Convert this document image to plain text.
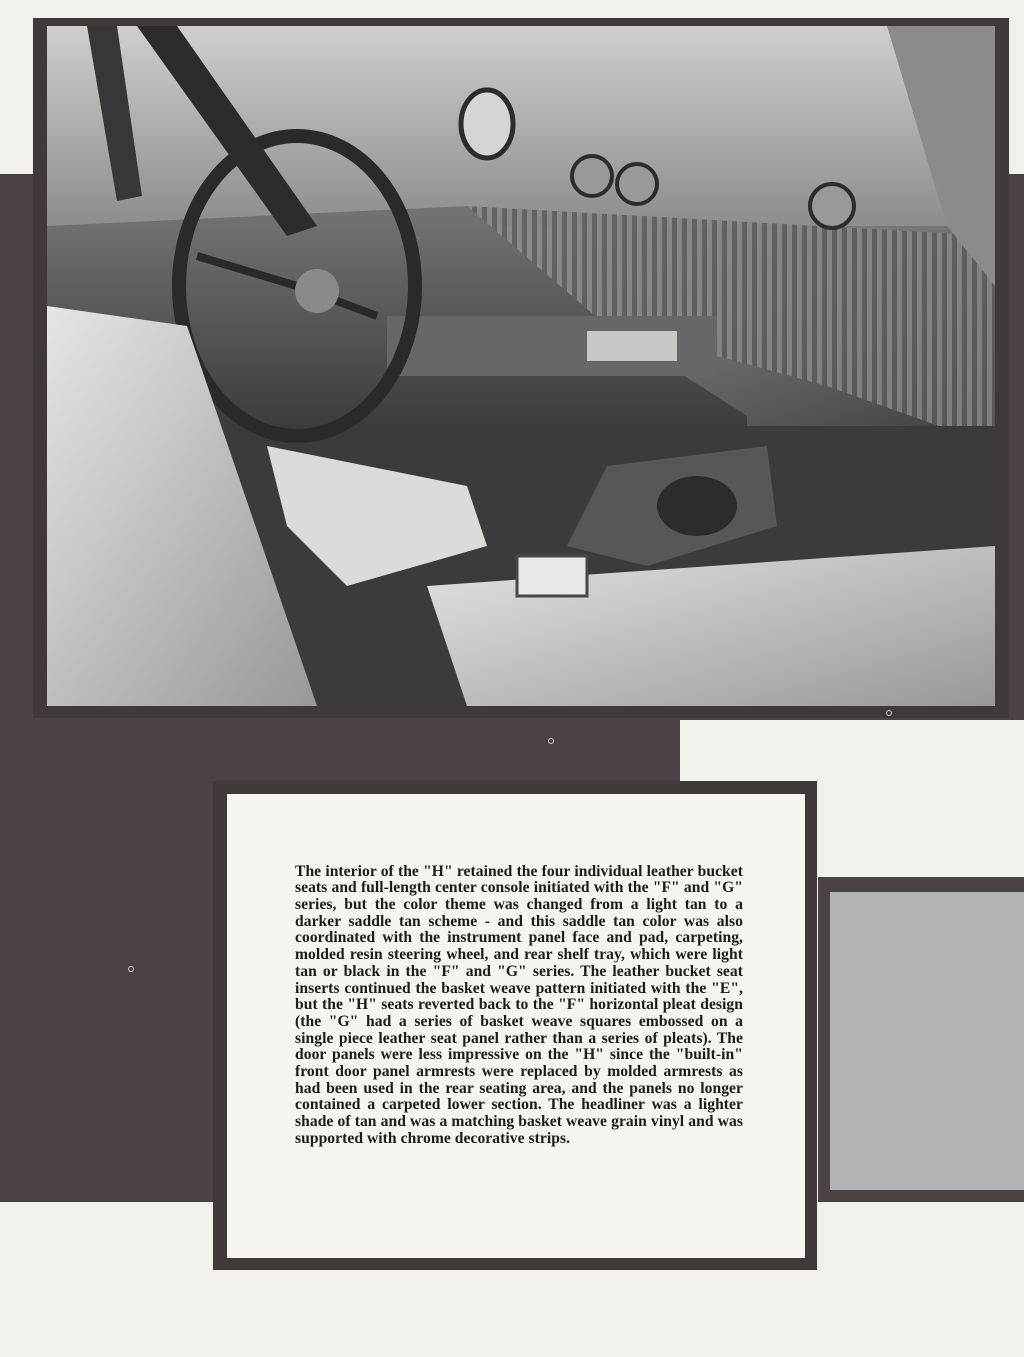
The interior of the "H" retained the four individual leather bucket seats and full-length center console initiated with the "F" and "G" series, but the color theme was changed from a light tan to a darker saddle tan scheme - and this saddle tan color was also coordinated with the instrument panel face and pad, carpeting, molded resin steering wheel, and rear shelf tray, which were light tan or black in the "F" and "G" series. The leather bucket seat inserts continued the basket weave pattern initiated with the "E", but the "H" seats reverted back to the "F" horizontal pleat design (the "G" had a series of basket weave squares embossed on a single piece leather seat panel rather than a series of pleats). The door panels were less impressive on the "H" since the "built-in" front door panel armrests were replaced by molded armrests as had been used in the rear seating area, and the panels no longer contained a carpeted lower section. The headliner was a lighter shade of tan and was a matching basket weave grain vinyl and was supported with chrome decorative strips.
